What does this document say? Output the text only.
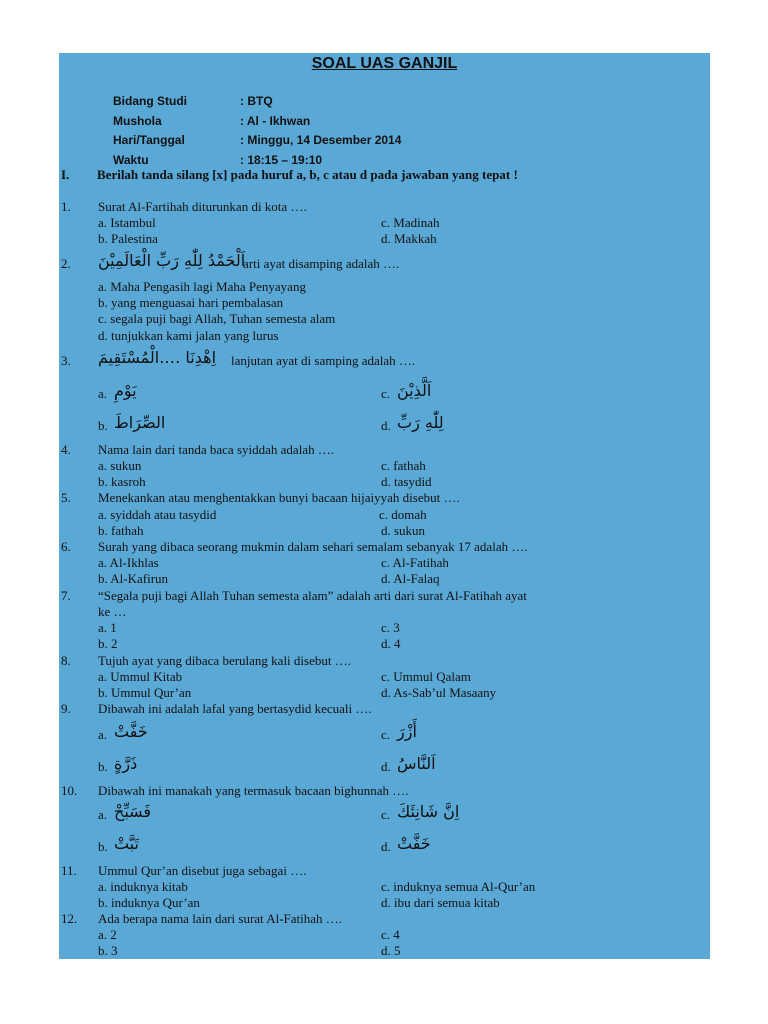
SOAL UAS GANJIL
Bidang Studi	: BTQ
Mushola	: Al - Ikhwan
Hari/Tanggal	: Minggu, 14 Desember 2014
Waktu	: 18:15 – 19:10
I. Berilah tanda silang [x] pada huruf a, b, c atau d pada jawaban yang tepat !
1. Surat Al-Fartihah diturunkan di kota ….
a. Istambul	c. Madinah
b. Palestina	d. Makkah
2. اَلْحَمْدُ لِلّٰهِ رَبِّ الْعَالَمِيْنَ
arti ayat disamping adalah ….
a. Maha Pengasih lagi Maha Penyayang
b. yang menguasai hari pembalasan
c. segala puji bagi Allah, Tuhan semesta alam
d. tunjukkan kami jalan yang lurus
3. اِهْدِنَا ….الْمُسْتَقِيمَ lanjutan ayat di samping adalah ….
a. يَوْمِ	c. اَلَّذِيْنَ
b. الصِّرَاطَ	d. لِلّٰهِ رَبِّ
4. Nama lain dari tanda baca syiddah adalah ….
a. sukun	c. fathah
b. kasroh	d. tasydid
5. Menekankan atau menghentakkan bunyi bacaan hijaiyyah disebut ….
a. syiddah atau tasydid	c. domah
b. fathah	d. sukun
6. Surah yang dibaca seorang mukmin dalam sehari semalam sebanyak 17 adalah ….
a. Al-Ikhlas	c. Al-Fatihah
b. Al-Kafirun	d. Al-Falaq
7. “Segala puji bagi Allah Tuhan semesta alam” adalah arti dari surat Al-Fatihah ayat
ke …
a. 1	c. 3
b. 2	d. 4
8. Tujuh ayat yang dibaca berulang kali disebut ….
a. Ummul Kitab	c. Ummul Qalam
b. Ummul Qur’an	d. As-Sab’ul Masaany
9. Dibawah ini adalah lafal yang bertasydid kecuali ….
a. خَفَّتْ	c. أَزْرَ
b. ذَرَّةٍ	d. اَلنَّاسُ
10. Dibawah ini manakah yang termasuk bacaan bighunnah ….
a. فَسَبِّحْ	c. اِنَّ شَانِئَكَ
b. تَبَّتْ	d. خَفَّتْ
11. Ummul Qur’an disebut juga sebagai ….
a. induknya kitab	c. induknya semua Al-Qur’an
b. induknya Qur’an	d. ibu dari semua kitab
12. Ada berapa nama lain dari surat Al-Fatihah ….
a. 2	c. 4
b. 3	d. 5
